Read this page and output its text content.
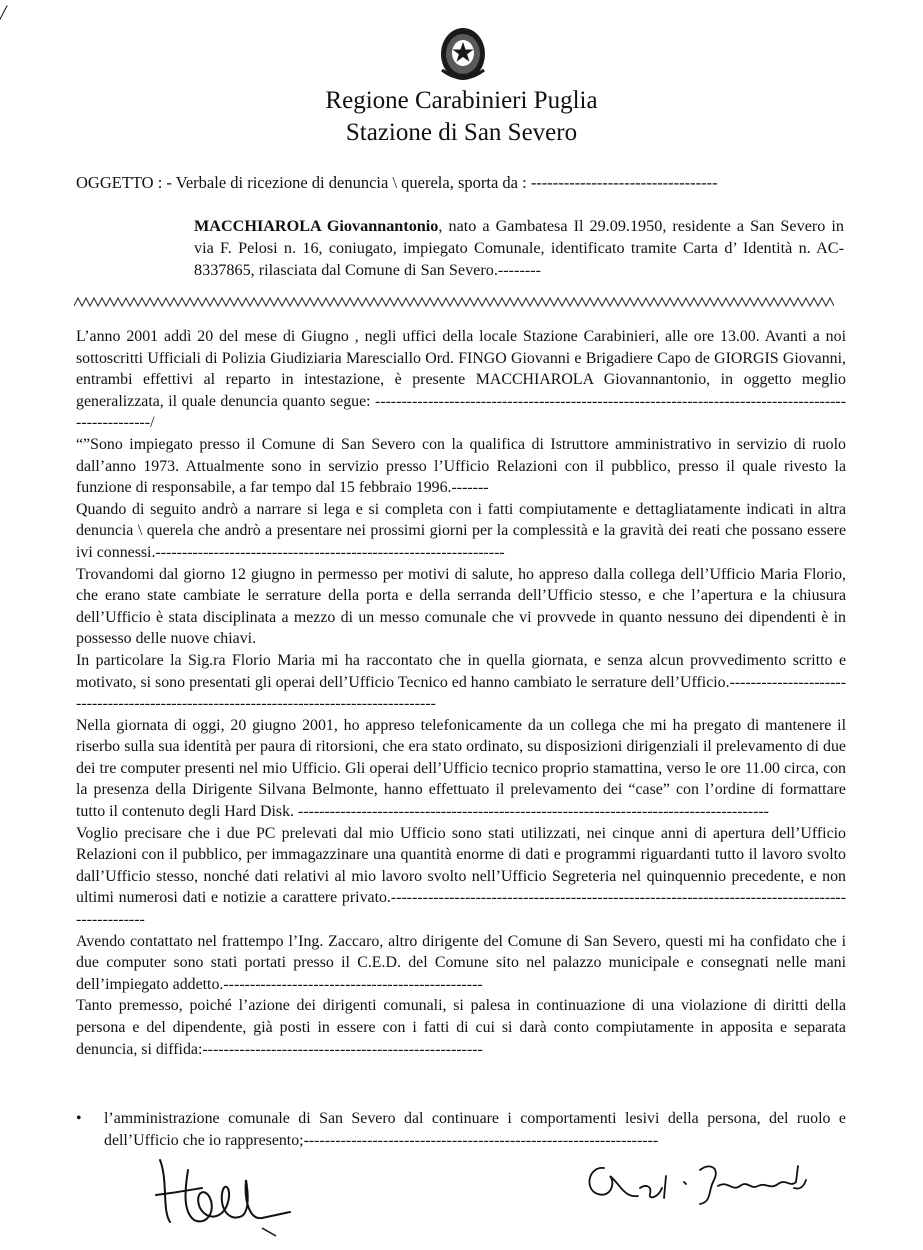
/
Regione Carabinieri Puglia
Stazione di San Severo
OGGETTO : - Verbale di ricezione di denuncia \ querela, sporta da : ----------------------------------
MACCHIAROLA Giovannantonio, nato a Gambatesa Il 29.09.1950, residente a San Severo in via F. Pelosi n. 16, coniugato, impiegato Comunale, identificato tramite Carta d’ Identità n. AC-8337865, rilasciata dal Comune di San Severo.--------

L’anno 2001 addì 20 del mese di Giugno , negli uffici della locale Stazione Carabinieri, alle ore 13.00. Avanti a noi sottoscritti Ufficiali di Polizia Giudiziaria Maresciallo Ord. FINGO Giovanni e Brigadiere Capo de GIORGIS Giovanni, entrambi effettivi al reparto in intestazione, è presente MACCHIAROLA Giovannantonio, in oggetto meglio generalizzata, il quale denuncia quanto segue: -------------------------------------------------------------------------------------------------------/

“”Sono impiegato presso il Comune di San Severo con la qualifica di Istruttore amministrativo in servizio di ruolo dall’anno 1973. Attualmente sono in servizio presso l’Ufficio Relazioni con il pubblico, presso il quale rivesto la funzione di responsabile, a far tempo dal 15 febbraio 1996.-------

Quando di seguito andrò a narrare si lega e si completa con i fatti compiutamente e dettagliatamente indicati in altra denuncia \ querela che andrò a presentare nei prossimi giorni per la complessità e la gravità dei reati che possano essere ivi connessi.------------------------------------------------------------------

Trovandomi dal giorno 12 giugno in permesso per motivi di salute, ho appreso dalla collega dell’Ufficio Maria Florio, che erano state cambiate le serrature della porta e della serranda dell’Ufficio stesso, e che l’apertura e la chiusura dell’Ufficio è stata disciplinata a mezzo di un messo comunale che vi provvede in quanto nessuno dei dipendenti è in possesso delle nuove chiavi.

In particolare la Sig.ra Florio Maria mi ha raccontato che in quella giornata, e senza alcun provvedimento scritto e motivato, si sono presentati gli operai dell’Ufficio Tecnico ed hanno cambiato le serrature dell’Ufficio.------------------------------------------------------------------------------------------

Nella giornata di oggi, 20 giugno 2001, ho appreso telefonicamente da un collega che mi ha pregato di mantenere il riserbo sulla sua identità per paura di ritorsioni, che era stato ordinato, su disposizioni dirigenziali il prelevamento di due dei tre computer presenti nel mio Ufficio. Gli operai dell’Ufficio tecnico proprio stamattina, verso le ore 11.00 circa, con la presenza della Dirigente Silvana Belmonte, hanno effettuato il prelevamento dei “case” con l’ordine di formattare tutto il contenuto degli Hard Disk. -----------------------------------------------------------------------------------------

Voglio precisare che i due PC prelevati dal mio Ufficio sono stati utilizzati, nei cinque anni di apertura dell’Ufficio Relazioni con il pubblico, per immagazzinare una quantità enorme di dati e programmi riguardanti tutto il lavoro svolto dall’Ufficio stesso, nonché dati relativi al mio lavoro svolto nell’Ufficio Segreteria nel quinquennio precedente, e non ultimi numerosi dati e notizie a carattere privato.---------------------------------------------------------------------------------------------------

Avendo contattato nel frattempo l’Ing. Zaccaro, altro dirigente del Comune di San Severo, questi mi ha confidato che i due computer sono stati portati presso il C.E.D. del Comune sito nel palazzo municipale e consegnati nelle mani dell’impiegato addetto.-------------------------------------------------

Tanto premesso, poiché l’azione dei dirigenti comunali, si palesa in continuazione di una violazione di diritti della persona e del dipendente, già posti in essere con i fatti di cui si darà conto compiutamente in apposita e separata denuncia, si diffida:-----------------------------------------------------

• l’amministrazione comunale di San Severo dal continuare i comportamenti lesivi della persona, del ruolo e dell’Ufficio che io rappresento;-------------------------------------------------------------------
